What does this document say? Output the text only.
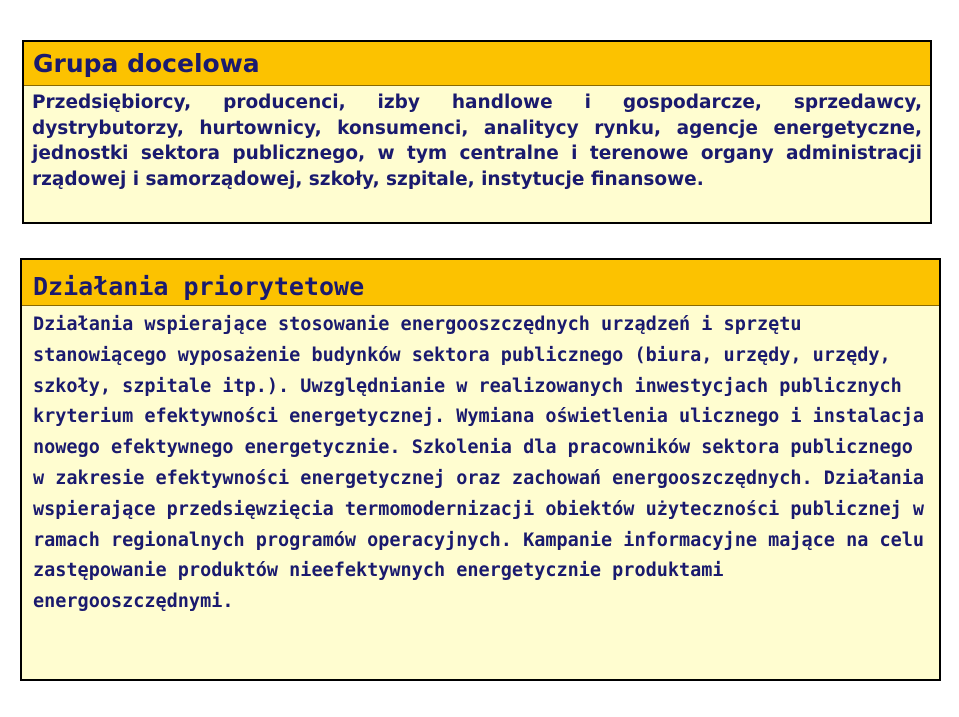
Grupa docelowa
Przedsiębiorcy, producenci, izby handlowe i gospodarcze, sprzedawcy, dystrybutorzy, hurtownicy, konsumenci, analitycy rynku, agencje energetyczne, jednostki sektora publicznego, w tym centralne i terenowe organy administracji rządowej i samorządowej, szkoły, szpitale, instytucje finansowe.
Działania priorytetowe
Działania wspierające stosowanie energooszczędnych urządzeń i sprzętu stanowiącego wyposażenie budynków sektora publicznego (biura, urzędy, urzędy, szkoły, szpitale itp.). Uwzględnianie w realizowanych inwestycjach publicznych kryterium efektywności energetycznej. Wymiana oświetlenia ulicznego i instalacja nowego efektywnego energetycznie. Szkolenia dla pracowników sektora publicznego w zakresie efektywności energetycznej oraz zachowań energooszczędnych. Działania wspierające przedsięwzięcia termomodernizacji obiektów użyteczności publicznej w ramach regionalnych programów operacyjnych. Kampanie informacyjne mające na celu zastępowanie produktów nieefektywnych energetycznie produktami energooszczędnymi.
